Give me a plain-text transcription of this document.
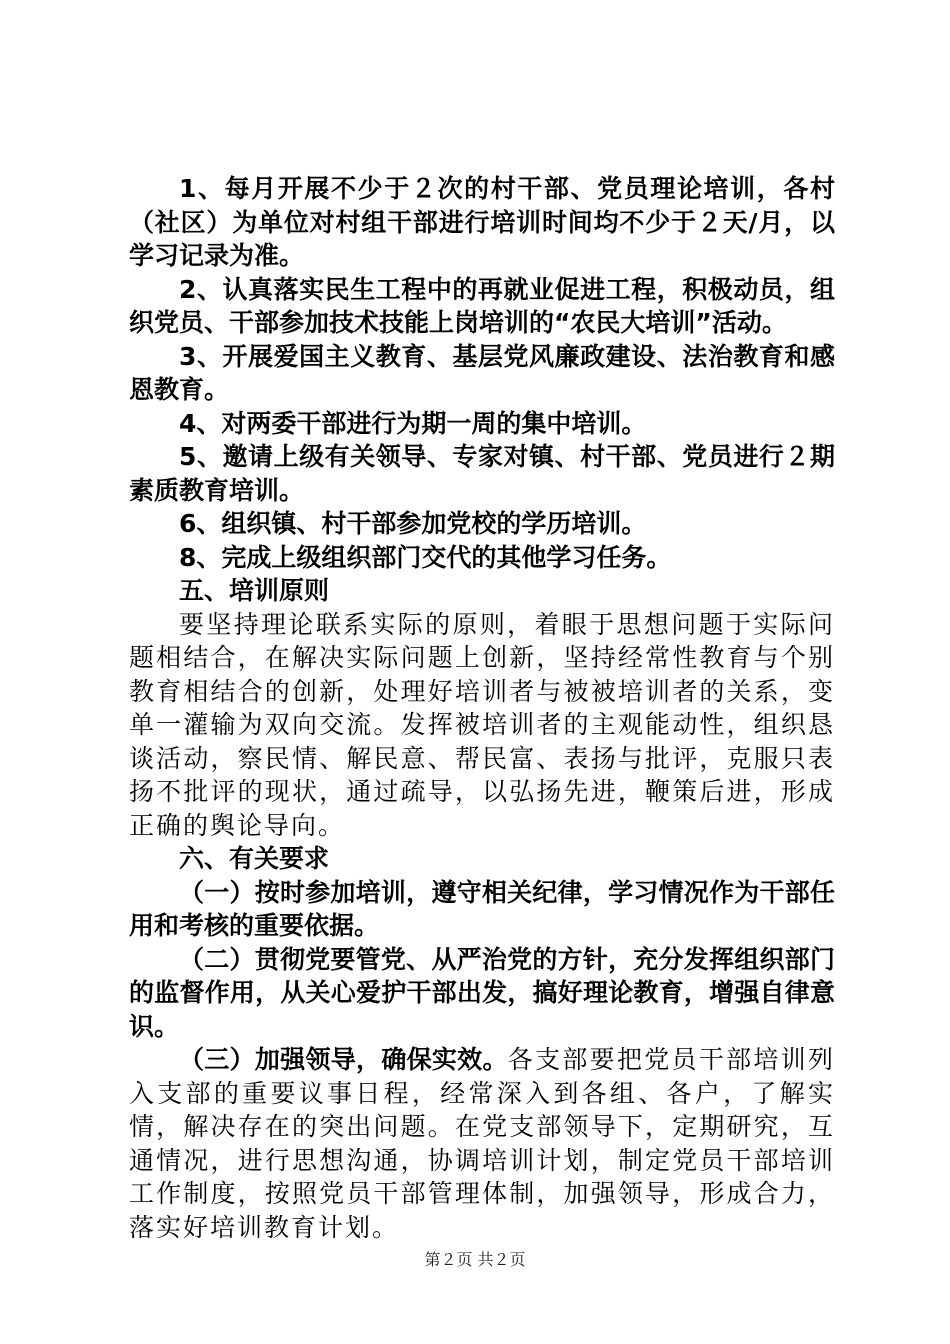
1、每月开展不少于２次的村干部、党员理论培训，各村（社区）为单位对村组干部进行培训时间均不少于２天/月，以学习记录为准。

2、认真落实民生工程中的再就业促进工程，积极动员，组织党员、干部参加技术技能上岗培训的“农民大培训”活动。

3、开展爱国主义教育、基层党风廉政建设、法治教育和感恩教育。

4、对两委干部进行为期一周的集中培训。

5、邀请上级有关领导、专家对镇、村干部、党员进行２期素质教育培训。

6、组织镇、村干部参加党校的学历培训。

8、完成上级组织部门交代的其他学习任务。

五、培训原则

要坚持理论联系实际的原则，着眼于思想问题于实际问题相结合，在解决实际问题上创新，坚持经常性教育与个别教育相结合的创新，处理好培训者与被被培训者的关系，变单一灌输为双向交流。发挥被培训者的主观能动性，组织恳谈活动，察民情、解民意、帮民富、表扬与批评，克服只表扬不批评的现状，通过疏导，以弘扬先进，鞭策后进，形成正确的舆论导向。

六、有关要求

（一）按时参加培训，遵守相关纪律，学习情况作为干部任用和考核的重要依据。

（二）贯彻党要管党、从严治党的方针，充分发挥组织部门的监督作用，从关心爱护干部出发，搞好理论教育，增强自律意识。

（三）加强领导，确保实效。各支部要把党员干部培训列入支部的重要议事日程，经常深入到各组、各户，了解实情，解决存在的突出问题。在党支部领导下，定期研究，互通情况，进行思想沟通，协调培训计划，制定党员干部培训工作制度，按照党员干部管理体制，加强领导，形成合力，落实好培训教育计划。

第２页 共２页
